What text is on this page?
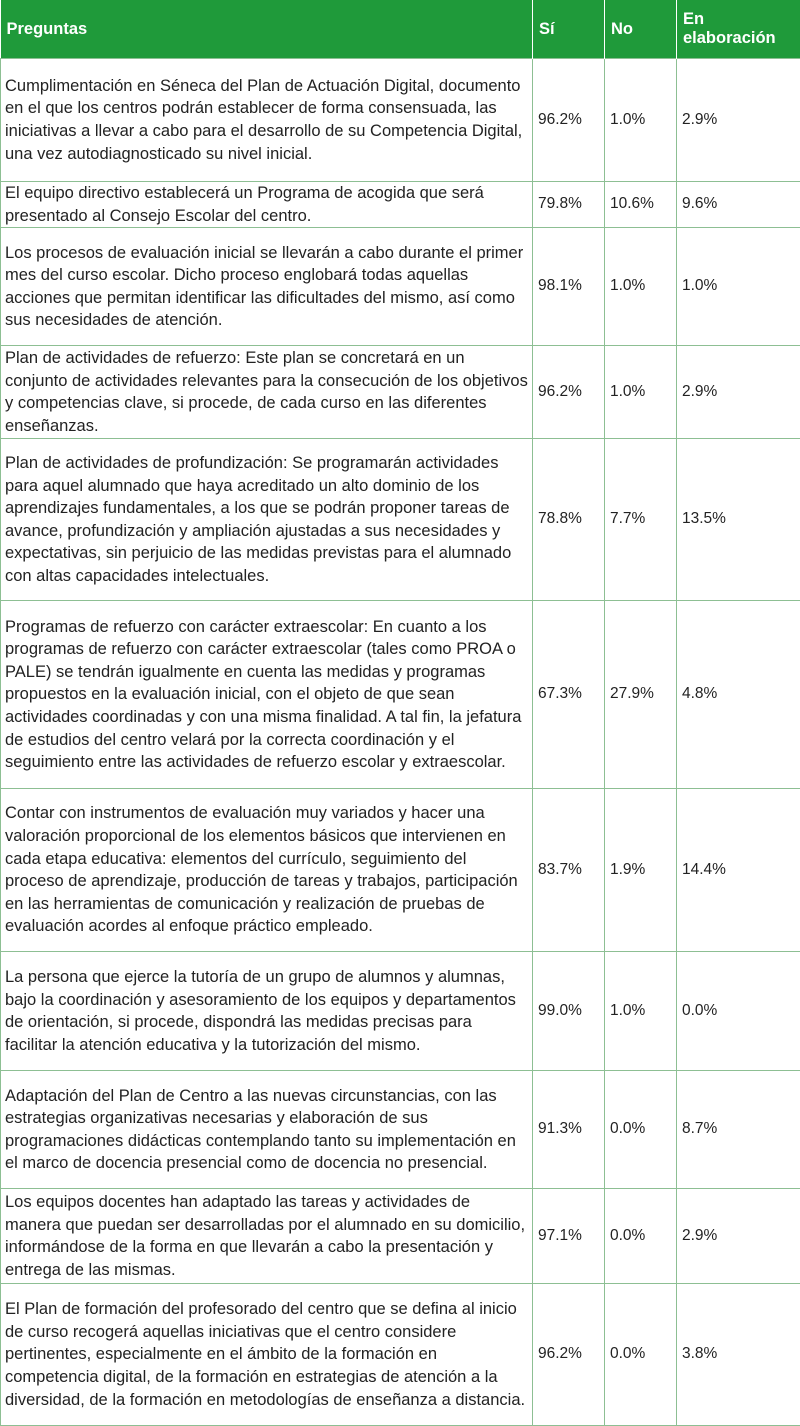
Preguntas	Sí	No	En elaboración
Cumplimentación en Séneca del Plan de Actuación Digital, documento en el que los centros podrán establecer de forma consensuada, las iniciativas a llevar a cabo para el desarrollo de su Competencia Digital, una vez autodiagnosticado su nivel inicial.	96.2%	1.0%	2.9%
El equipo directivo establecerá un Programa de acogida que será presentado al Consejo Escolar del centro.	79.8%	10.6%	9.6%
Los procesos de evaluación inicial se llevarán a cabo durante el primer mes del curso escolar. Dicho proceso englobará todas aquellas acciones que permitan identificar las dificultades del mismo, así como sus necesidades de atención.	98.1%	1.0%	1.0%
Plan de actividades de refuerzo: Este plan se concretará en un conjunto de actividades relevantes para la consecución de los objetivos y competencias clave, si procede, de cada curso en las diferentes enseñanzas.	96.2%	1.0%	2.9%
Plan de actividades de profundización: Se programarán actividades para aquel alumnado que haya acreditado un alto dominio de los aprendizajes fundamentales, a los que se podrán proponer tareas de avance, profundización y ampliación ajustadas a sus necesidades y expectativas, sin perjuicio de las medidas previstas para el alumnado con altas capacidades intelectuales.	78.8%	7.7%	13.5%
Programas de refuerzo con carácter extraescolar: En cuanto a los programas de refuerzo con carácter extraescolar (tales como PROA o PALE) se tendrán igualmente en cuenta las medidas y programas propuestos en la evaluación inicial, con el objeto de que sean actividades coordinadas y con una misma finalidad. A tal fin, la jefatura de estudios del centro velará por la correcta coordinación y el seguimiento entre las actividades de refuerzo escolar y extraescolar.	67.3%	27.9%	4.8%
Contar con instrumentos de evaluación muy variados y hacer una valoración proporcional de los elementos básicos que intervienen en cada etapa educativa: elementos del currículo, seguimiento del proceso de aprendizaje, producción de tareas y trabajos, participación en las herramientas de comunicación y realización de pruebas de evaluación acordes al enfoque práctico empleado.	83.7%	1.9%	14.4%
La persona que ejerce la tutoría de un grupo de alumnos y alumnas, bajo la coordinación y asesoramiento de los equipos y departamentos de orientación, si procede, dispondrá las medidas precisas para facilitar la atención educativa y la tutorización del mismo.	99.0%	1.0%	0.0%
Adaptación del Plan de Centro a las nuevas circunstancias, con las estrategias organizativas necesarias y elaboración de sus programaciones didácticas contemplando tanto su implementación en el marco de docencia presencial como de docencia no presencial.	91.3%	0.0%	8.7%
Los equipos docentes han adaptado las tareas y actividades de manera que puedan ser desarrolladas por el alumnado en su domicilio, informándose de la forma en que llevarán a cabo la presentación y entrega de las mismas.	97.1%	0.0%	2.9%
El Plan de formación del profesorado del centro que se defina al inicio de curso recogerá aquellas iniciativas que el centro considere pertinentes, especialmente en el ámbito de la formación en competencia digital, de la formación en estrategias de atención a la diversidad, de la formación en metodologías de enseñanza a distancia.	96.2%	0.0%	3.8%
